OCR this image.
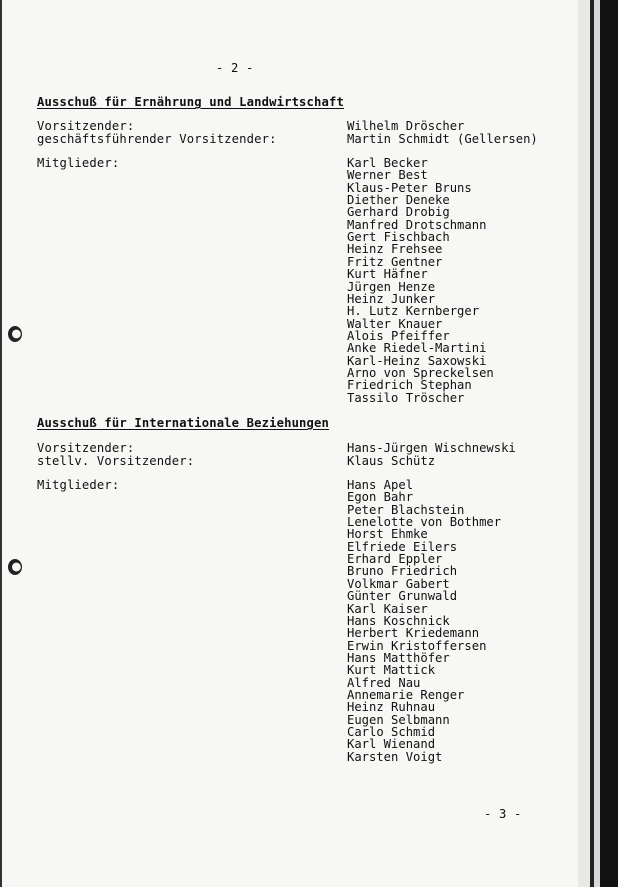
- 2 -
Ausschuß für Ernährung und Landwirtschaft
Vorsitzender:	Wilhelm Dröscher
geschäftsführender Vorsitzender:	Martin Schmidt (Gellersen)
Mitglieder:	Karl Becker
Werner Best
Klaus-Peter Bruns
Diether Deneke
Gerhard Drobig
Manfred Drotschmann
Gert Fischbach
Heinz Frehsee
Fritz Gentner
Kurt Häfner
Jürgen Henze
Heinz Junker
H. Lutz Kernberger
Walter Knauer
Alois Pfeiffer
Anke Riedel-Martini
Karl-Heinz Saxowski
Arno von Spreckelsen
Friedrich Stephan
Tassilo Tröscher
Ausschuß für Internationale Beziehungen
Vorsitzender:	Hans-Jürgen Wischnewski
stellv. Vorsitzender:	Klaus Schütz
Mitglieder:	Hans Apel
Egon Bahr
Peter Blachstein
Lenelotte von Bothmer
Horst Ehmke
Elfriede Eilers
Erhard Eppler
Bruno Friedrich
Volkmar Gabert
Günter Grunwald
Karl Kaiser
Hans Koschnick
Herbert Kriedemann
Erwin Kristoffersen
Hans Matthöfer
Kurt Mattick
Alfred Nau
Annemarie Renger
Heinz Ruhnau
Eugen Selbmann
Carlo Schmid
Karl Wienand
Karsten Voigt
- 3 -
